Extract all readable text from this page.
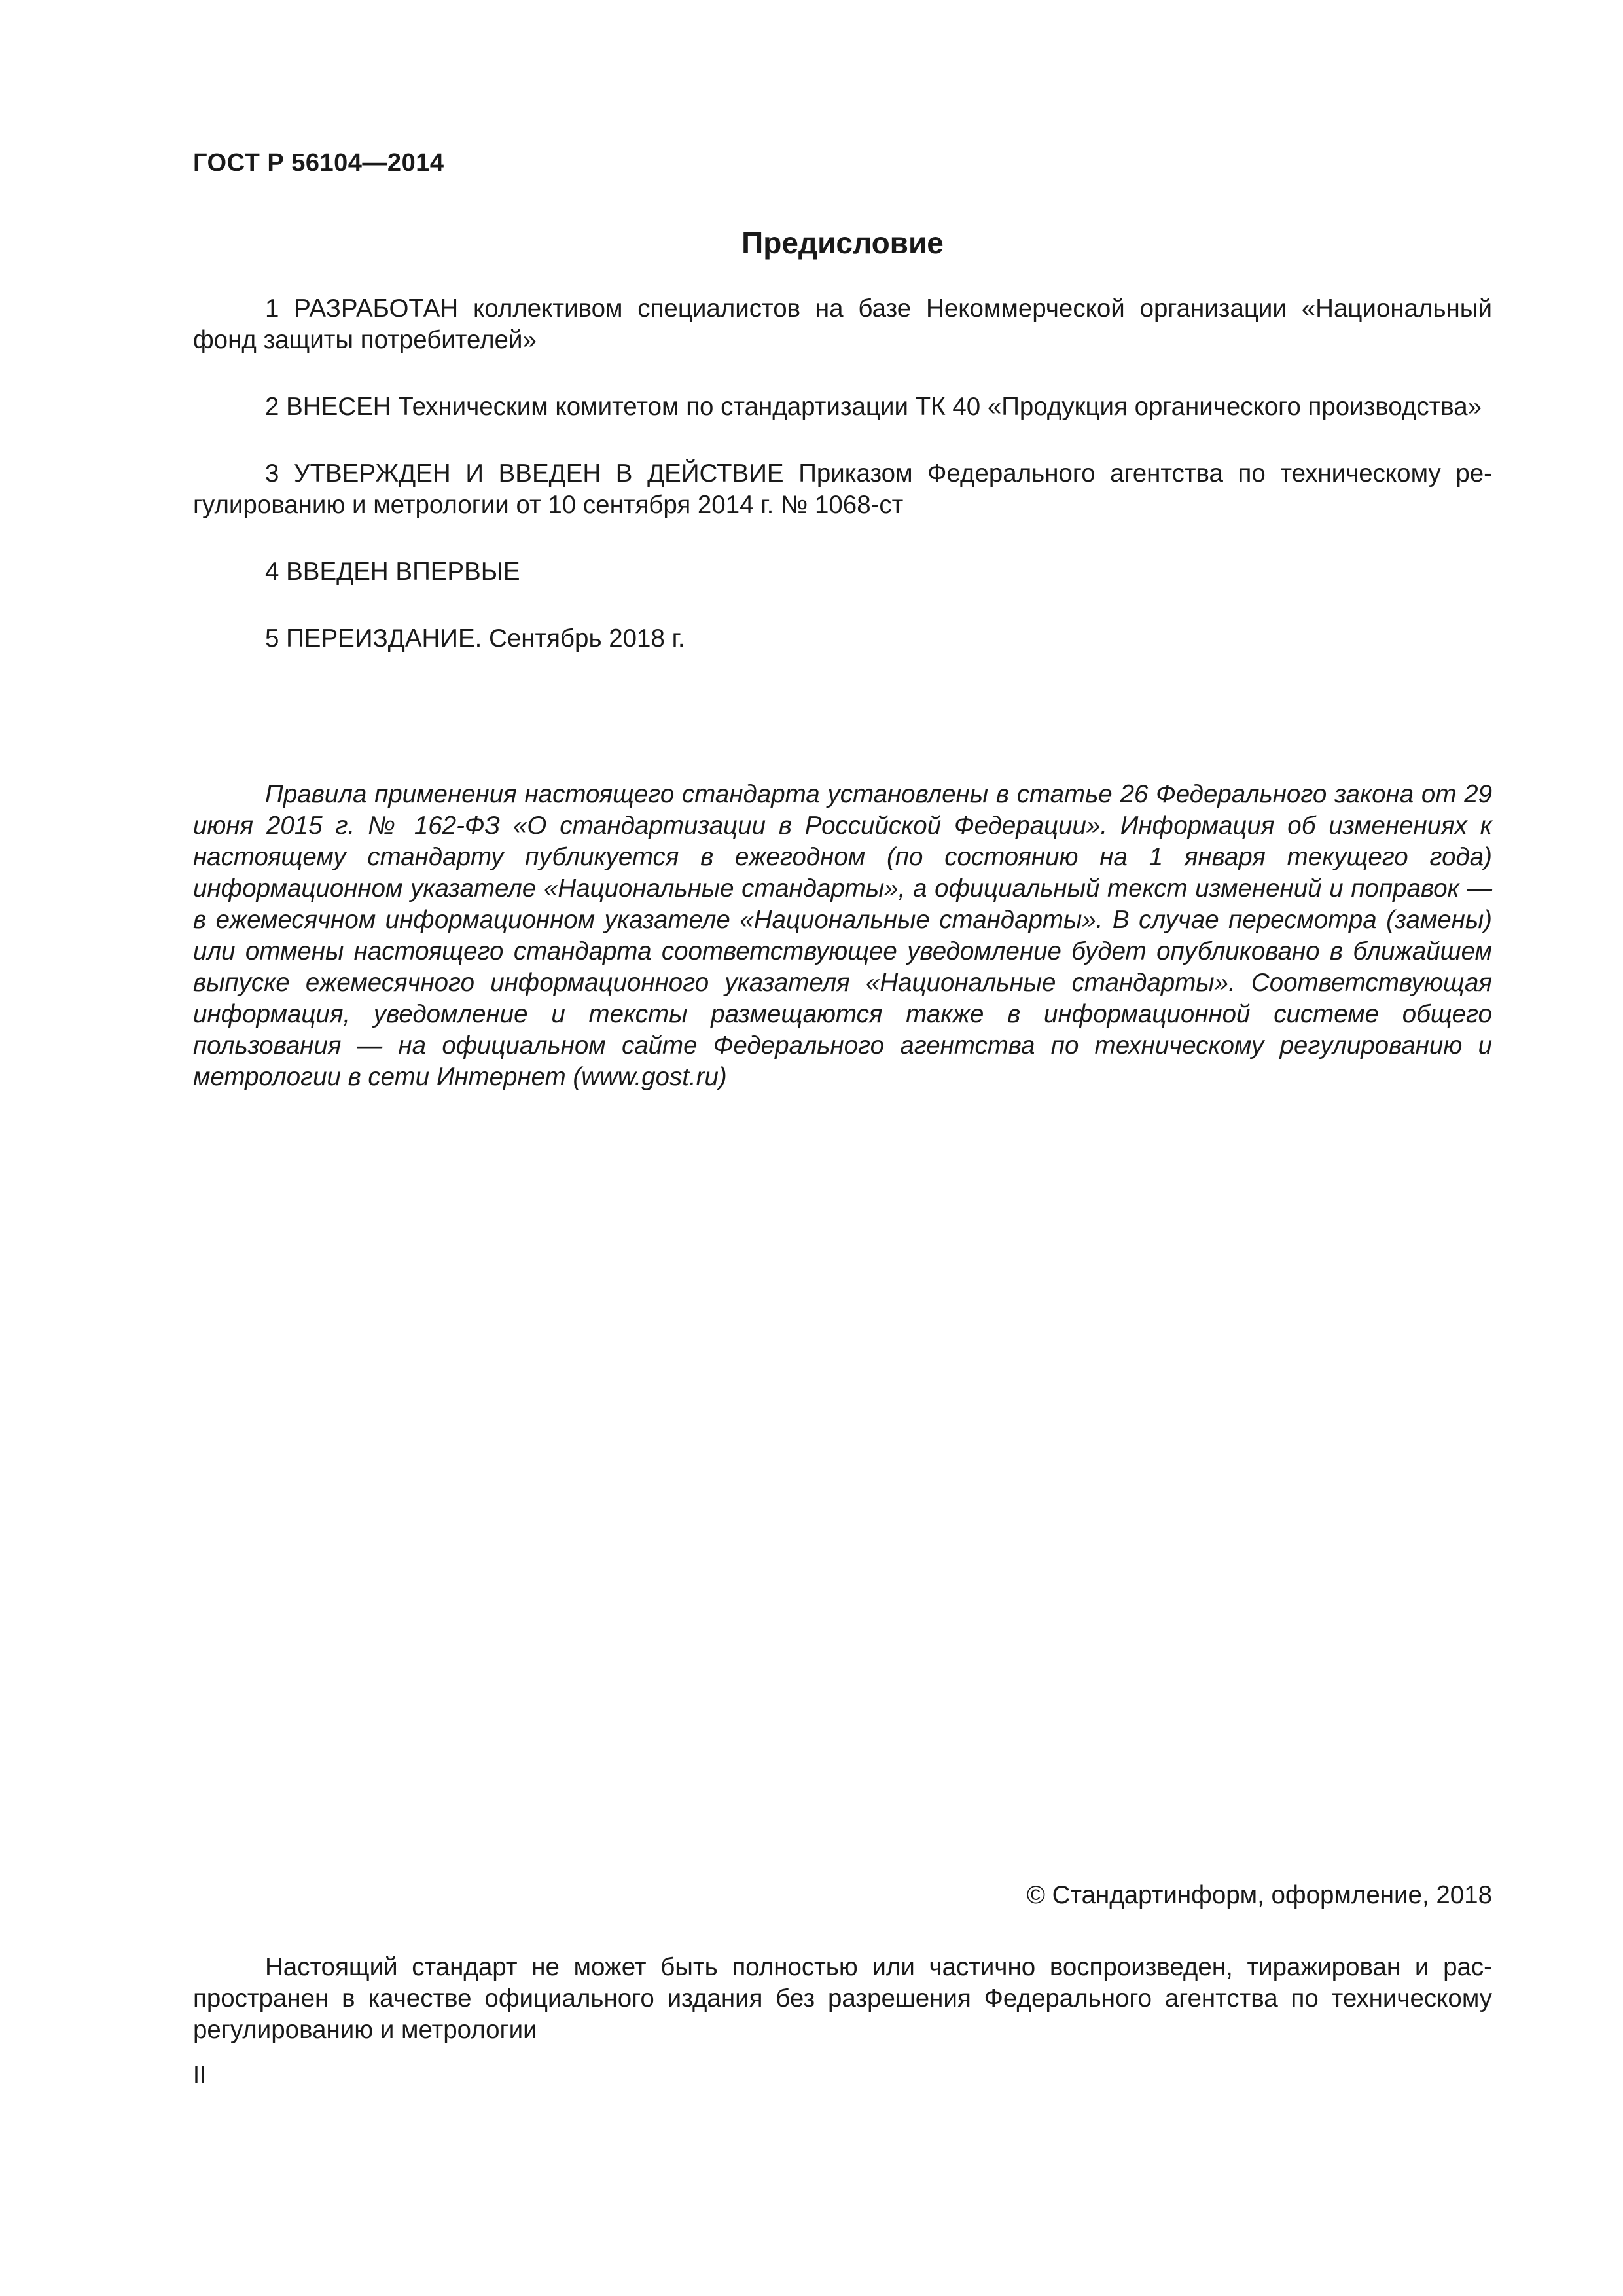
ГОСТ Р 56104—2014
Предисловие

1 РАЗРАБОТАН коллективом специалистов на базе Некоммерческой организации «Национальный фонд защиты потребителей»

2 ВНЕСЕН Техническим комитетом по стандартизации ТК 40 «Продукция органического производства»

3 УТВЕРЖДЕН И ВВЕДЕН В ДЕЙСТВИЕ Приказом Федерального агентства по техническому регулированию и метрологии от 10 сентября 2014 г. № 1068-ст

4 ВВЕДЕН ВПЕРВЫЕ

5 ПЕРЕИЗДАНИЕ. Сентябрь 2018 г.

Правила применения настоящего стандарта установлены в статье 26 Федерального закона от 29 июня 2015 г. № 162-ФЗ «О стандартизации в Российской Федерации». Информация об изменениях к настоящему стандарту публикуется в ежегодном (по состоянию на 1 января текущего года) информационном указателе «Национальные стандарты», а официальный текст изменений и поправок — в ежемесячном информационном указателе «Национальные стандарты». В случае пересмотра (замены) или отмены настоящего стандарта соответствующее уведомление будет опубликовано в ближайшем выпуске ежемесячного информационного указателя «Национальные стандарты». Соответствующая информация, уведомление и тексты размещаются также в информационной системе общего пользования — на официальном сайте Федерального агентства по техническому регулированию и метрологии в сети Интернет (www.gost.ru)

© Стандартинформ, оформление, 2018

Настоящий стандарт не может быть полностью или частично воспроизведен, тиражирован и распространен в качестве официального издания без разрешения Федерального агентства по техническому регулированию и метрологии

II
